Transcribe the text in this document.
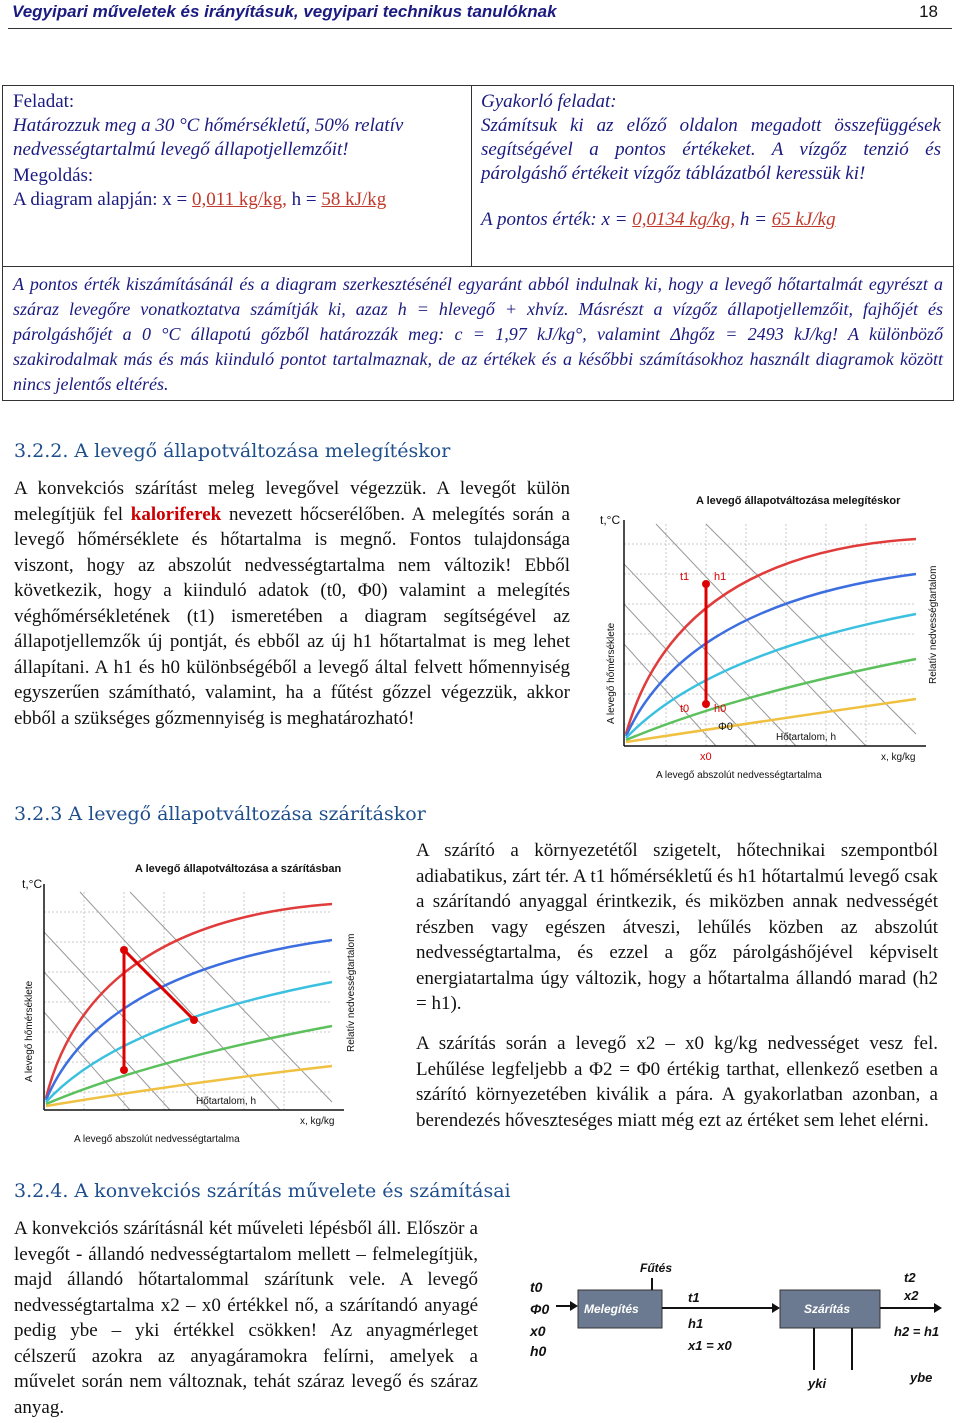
Vegyipari műveletek és irányításuk, vegyipari technikus tanulóknak	18
Feladat:
Határozzuk meg a 30 °C hőmérsékletű, 50% relatív nedvességtartalmú levegő állapotjellemzőit!
Megoldás:
A diagram alapján: x = 0,011 kg/kg, h = 58 kJ/kg
Gyakorló feladat:
Számítsuk ki az előző oldalon megadott összefüggések segítségével a pontos értékeket. A vízgőz tenzió és párolgáshő értékeit vízgőz táblázatból keressük ki!
A pontos érték: x = 0,0134 kg/kg, h = 65 kJ/kg
A pontos érték kiszámításánál és a diagram szerkesztésénél egyaránt abból indulnak ki, hogy a levegő hőtartalmát egyrészt a száraz levegőre vonatkoztatva számítják ki, azaz h = hlevegő + xhvíz. Másrészt a vízgőz állapotjellemzőit, fajhőjét és párolgáshőjét a 0 °C állapotú gőzből határozzák meg: c = 1,97 kJ/kg°, valamint Δhgőz = 2493 kJ/kg! A különböző szakirodalmak más és más kiinduló pontot tartalmaznak, de az értékek és a későbbi számításokhoz használt diagramok között nincs jelentős eltérés.
3.2.2. A levegő állapotváltozása melegítéskor
A konvekciós szárítást meleg levegővel végezzük. A levegőt külön melegítjük fel kaloriferek nevezett hőcserélőben. A melegítés során a levegő hőmérséklete és hőtartalma is megnő. Fontos tulajdonsága viszont, hogy az abszolút nedvességtartalma nem változik! Ebből következik, hogy a kiinduló adatok (t0, Φ0) valamint a melegítés véghőmérsékletének (t1) ismeretében a diagram segítségével az állapotjellemzők új pontját, és ebből az új h1 hőtartalmat is meg lehet állapítani. A h1 és h0 különbségéből a levegő által felvett hőmennyiség egyszerűen számítható, valamint, ha a fűtést gőzzel végezzük, akkor ebből a szükséges gőzmennyiség is meghatározható!
A levegő állapotváltozása melegítéskor
t,°C
t1 h1
t0 h0
x0
Φ0
A levegő hőmérséklete	Relatív nedvességtartalom
Hőtartalom, h
x, kg/kg
A levegő abszolút nedvességtartalma
3.2.3 A levegő állapotváltozása szárításkor
A levegő állapotváltozása a szárításban
t,°C
A levegő hőmérséklete	Relatív nedvességtartalom
Hőtartalom, h
x, kg/kg
A levegő abszolút nedvességtartalma
A szárító a környezetétől szigetelt, hőtechnikai szempontból adiabatikus, zárt tér. A t1 hőmérsékletű és h1 hőtartalmú levegő csak a szárítandó anyaggal érintkezik, és miközben annak nedvességét részben vagy egészen átveszi, lehűlés közben az abszolút nedvességtartalma, és ezzel a gőz párolgáshőjével képviselt energiatartalma úgy változik, hogy a hőtartalma állandó marad (h2 = h1).
A szárítás során a levegő x2 – x0 kg/kg nedvességet vesz fel. Lehűlése legfeljebb a Φ2 = Φ0 értékig tarthat, ellenkező esetben a szárító környezetében kiválik a pára. A gyakorlatban azonban, a berendezés hőveszteséges miatt még ezt az értéket sem lehet elérni.
3.2.4. A konvekciós szárítás művelete és számításai
A konvekciós szárításnál két műveleti lépésből áll. Először a levegőt - állandó nedvességtartalom mellett – felmelegítjük, majd állandó hőtartalommal szárítunk vele. A levegő nedvességtartalma x2 – x0 értékkel nő, a szárítandó anyagé pedig ybe – yki értékkel csökken! Az anyagmérleget célszerű azokra az anyagáramokra felírni, amelyek a művelet során nem változnak, tehát száraz levegő és száraz anyag.
t0
Φ0
x0
h0
Melegítés
Fűtés
t1
h1
x1 = x0
Szárítás
t2
x2
h2 = h1
yki	ybe
